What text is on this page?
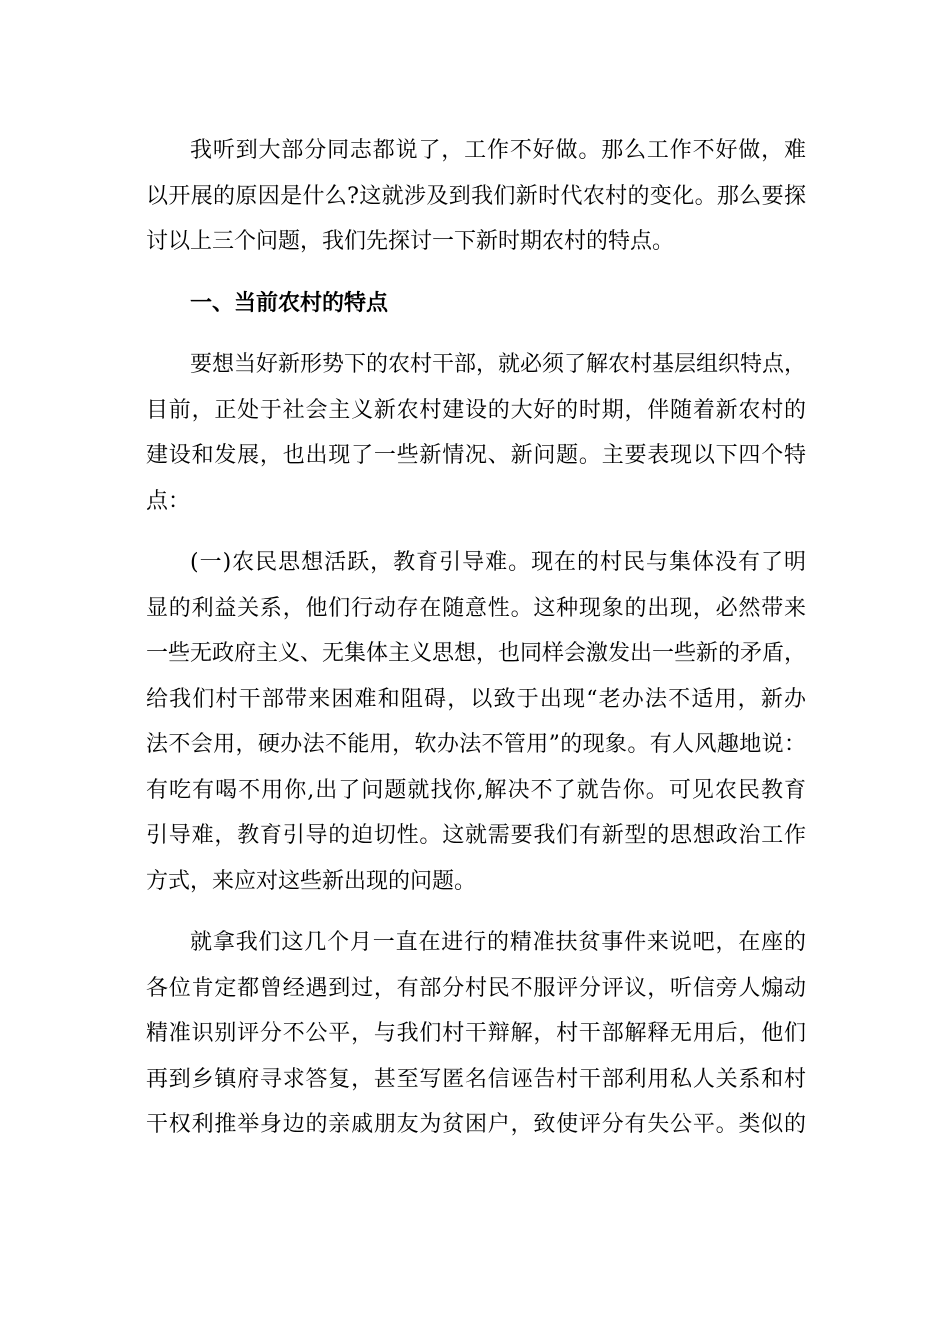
我听到大部分同志都说了，工作不好做。那么工作不好做，难
以开展的原因是什么?这就涉及到我们新时代农村的变化。那么要探
讨以上三个问题，我们先探讨一下新时期农村的特点。
一、当前农村的特点
要想当好新形势下的农村干部，就必须了解农村基层组织特点，
目前，正处于社会主义新农村建设的大好的时期，伴随着新农村的
建设和发展，也出现了一些新情况、新问题。主要表现以下四个特
点：
(一)农民思想活跃，教育引导难。现在的村民与集体没有了明
显的利益关系，他们行动存在随意性。这种现象的出现，必然带来
一些无政府主义、无集体主义思想，也同样会激发出一些新的矛盾，
给我们村干部带来困难和阻碍，以致于出现“老办法不适用，新办
法不会用，硬办法不能用，软办法不管用”的现象。有人风趣地说：
有吃有喝不用你,出了问题就找你,解决不了就告你。可见农民教育
引导难，教育引导的迫切性。这就需要我们有新型的思想政治工作
方式，来应对这些新出现的问题。
就拿我们这几个月一直在进行的精准扶贫事件来说吧，在座的
各位肯定都曾经遇到过，有部分村民不服评分评议，听信旁人煽动
精准识别评分不公平，与我们村干辩解，村干部解释无用后，他们
再到乡镇府寻求答复，甚至写匿名信诬告村干部利用私人关系和村
干权利推举身边的亲戚朋友为贫困户，致使评分有失公平。类似的
